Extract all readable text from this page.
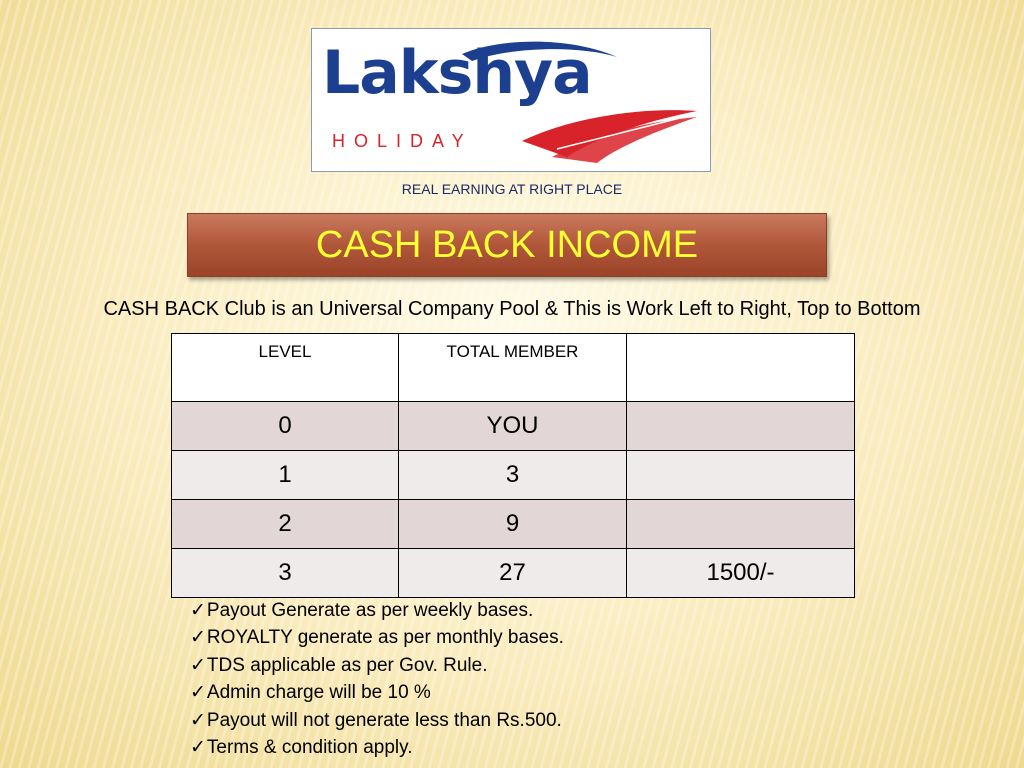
Lakshya
HOLIDAY
REAL EARNING AT RIGHT PLACE
CASH BACK INCOME
CASH BACK Club is an Universal Company Pool & This is Work Left to Right, Top to Bottom
LEVEL	TOTAL MEMBER	
0	YOU	
1	3	
2	9	
3	27	1500/-
✓Payout Generate as per weekly bases.
✓ROYALTY generate as per monthly bases.
✓TDS applicable as per Gov. Rule.
✓Admin charge will be 10 %
✓Payout will not generate less than Rs.500.
✓Terms & condition apply.
